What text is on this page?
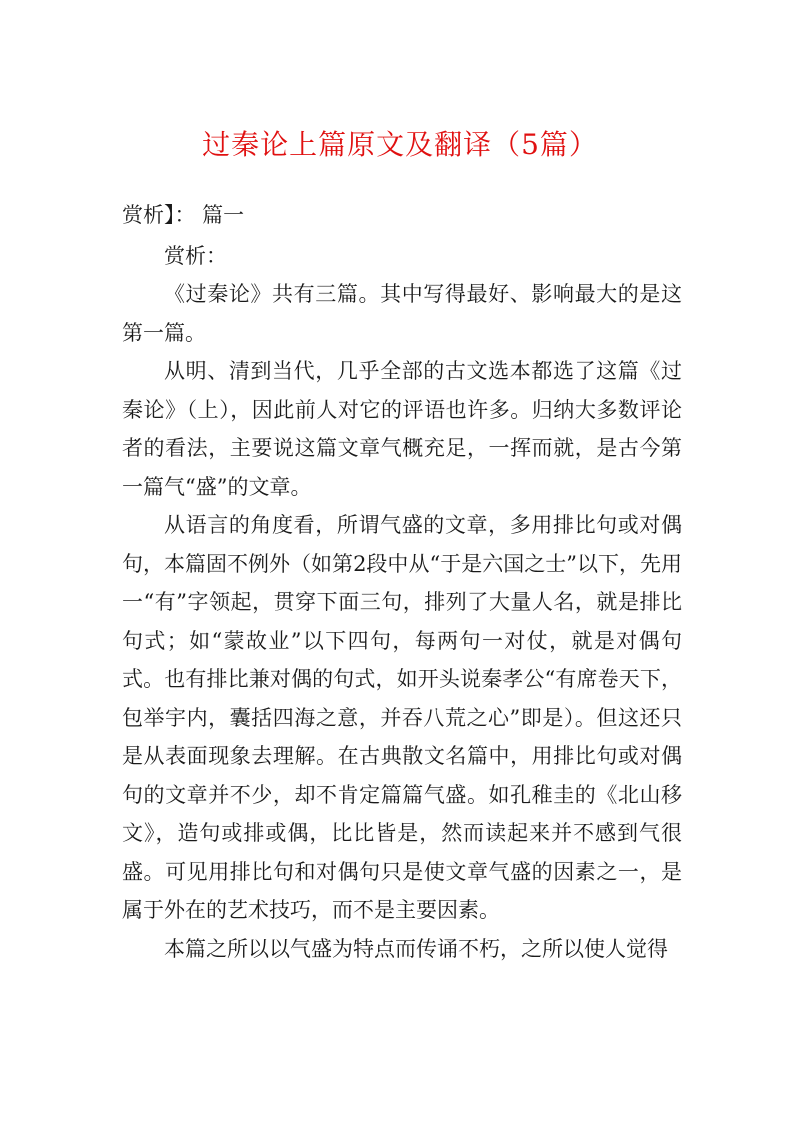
过秦论上篇原文及翻译（5篇）

赏析】： 篇一

赏析：

《过秦论》共有三篇。其中写得最好、影响最大的是这第一篇。

从明、清到当代，几乎全部的古文选本都选了这篇《过秦论》（上），因此前人对它的评语也许多。归纳大多数评论者的看法，主要说这篇文章气概充足，一挥而就，是古今第一篇气“盛”的文章。

从语言的角度看，所谓气盛的文章，多用排比句或对偶句，本篇固不例外（如第2段中从“于是六国之士”以下，先用一“有”字领起，贯穿下面三句，排列了大量人名，就是排比句式；如“蒙故业”以下四句，每两句一对仗，就是对偶句式。也有排比兼对偶的句式，如开头说秦孝公“有席卷天下，包举宇内，囊括四海之意，并吞八荒之心”即是）。但这还只是从表面现象去理解。在古典散文名篇中，用排比句或对偶句的文章并不少，却不肯定篇篇气盛。如孔稚圭的《北山移文》，造句或排或偶，比比皆是，然而读起来并不感到气很盛。可见用排比句和对偶句只是使文章气盛的因素之一，是属于外在的艺术技巧，而不是主要因素。

本篇之所以以气盛为特点而传诵不朽，之所以使人觉得
